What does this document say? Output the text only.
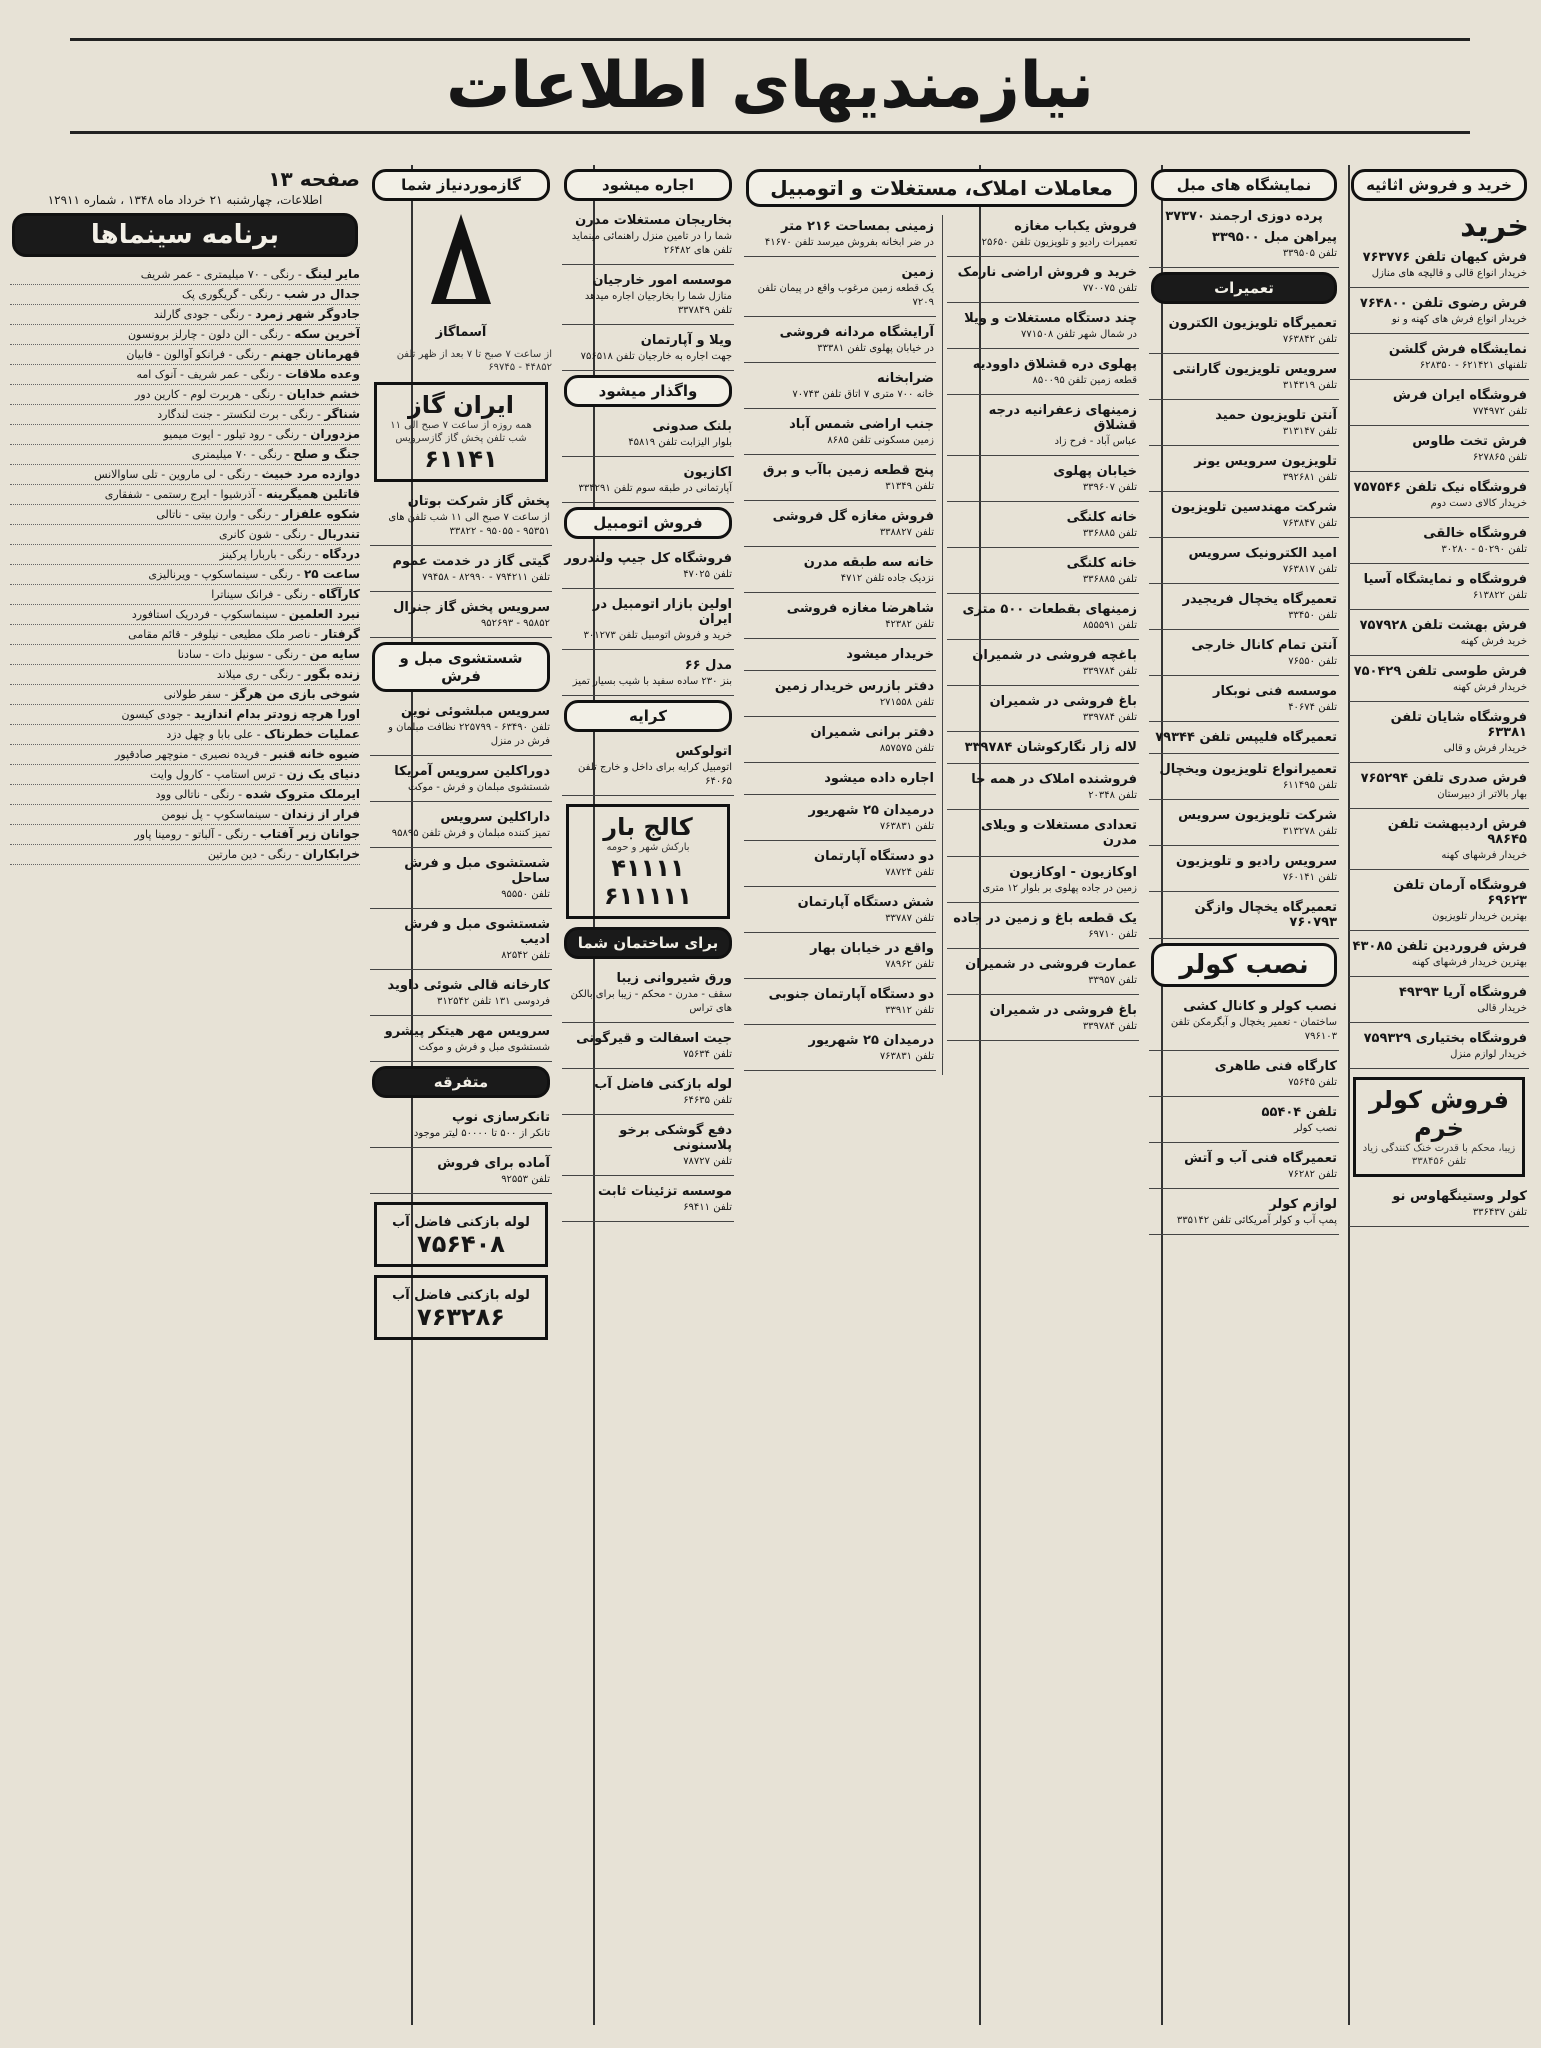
نیازمندیهای اطلاعات
خرید و فروش اثاثیه
خرید
فرش کیهان تلفن ۷۶۳۷۷۶
خریدار انواع قالی و قالیچه های منازل
فرش رضوی تلفن ۷۶۴۸۰۰
خریدار انواع فرش های کهنه و نو
نمایشگاه فرش گلشن
تلفنهای ۶۲۱۴۲۱ - ۶۲۸۳۵۰
فروشگاه ایران فرش
تلفن ۷۷۴۹۷۲
فرش تخت طاوس
تلفن ۶۲۷۸۶۵
فروشگاه نیک تلفن ۷۵۷۵۴۶
خریدار کالای دست دوم
فروشگاه خالقی
تلفن ۵۰۲۹۰ - ۳۰۲۸۰
فروشگاه و نمایشگاه آسیا
تلفن ۶۱۳۸۲۲
فرش بهشت تلفن ۷۵۷۹۲۸
خرید فرش کهنه
فرش طوسی تلفن ۷۵۰۴۲۹
خریدار فرش کهنه
فروشگاه شایان تلفن ۶۳۳۸۱
خریدار فرش و قالی
فرش صدری تلفن ۷۶۵۲۹۴
بهار بالاتر از دبیرستان
فرش اردیبهشت تلفن ۹۸۶۴۵
خریدار فرشهای کهنه
فروشگاه آرمان تلفن ۶۹۶۲۳
بهترین خریدار تلویزیون
فرش فروردین تلفن ۴۳۰۸۵
بهترین خریدار فرشهای کهنه
فروشگاه آریا ۴۹۳۹۳
خریدار قالی
فروشگاه بختیاری ۷۵۹۳۲۹
خریدار لوازم منزل
فروش کولر خرم
زیبا، محکم با قدرت خنک کنندگی زیاد تلفن ۳۳۸۴۵۶
کولر وستینگهاوس نو
تلفن ۳۳۶۴۳۷
نمایشگاه های مبل
پرده دوزی ارجمند ۳۷۳۷۰
پیراهن مبل ۳۳۹۵۰۰
تلفن ۳۳۹۵۰۵
تعمیرات
تعمیرگاه تلویزیون الکترون
تلفن ۷۶۳۸۴۲
سرویس تلویزیون گارانتی
تلفن ۳۱۴۳۱۹
آنتن تلویزیون حمید
تلفن ۳۱۳۱۴۷
تلویزیون سرویس یونر
تلفن ۳۹۲۶۸۱
شرکت مهندسین تلویزیون
تلفن ۷۶۳۸۴۷
امید الکترونیک سرویس
تلفن ۷۶۳۸۱۷
تعمیرگاه یخچال فریجیدر
تلفن ۳۳۴۵۰
آنتن تمام کانال خارجی
تلفن ۷۶۵۵۰
موسسه فنی نوبکار
تلفن ۴۰۶۷۴
تعمیرگاه فلیپس تلفن ۷۹۳۴۴
تعمیرانواع تلویزیون ویخچال
تلفن ۶۱۱۴۹۵
شرکت تلویزیون سرویس
تلفن ۳۱۳۲۷۸
سرویس رادیو و تلویزیون
تلفن ۷۶۰۱۴۱
تعمیرگاه یخچال وازگن ۷۶۰۷۹۳
نصب کولر
نصب کولر و کانال کشی
ساختمان - تعمیر یخچال و آبگرمکن تلفن ۷۹۶۱۰۳
کارگاه فنی طاهری
تلفن ۷۵۶۴۵
تلفن ۵۵۴۰۴
نصب کولر
تعمیرگاه فنی آب و آتش
تلفن ۷۶۲۸۲
لوازم کولر
پمپ آب و کولر آمریکائی تلفن ۳۳۵۱۴۲
معاملات املاک، مستغلات و اتومبیل
فروش یکباب مغازه
تعمیرات رادیو و تلویزیون تلفن ۲۵۶۵۰
خرید و فروش اراضی نارمک
تلفن ۷۷۰۰۷۵
چند دستگاه مستغلات و ویلا
در شمال شهر تلفن ۷۷۱۵۰۸
پهلوی دره قشلاق داوودیه
قطعه زمین تلفن ۸۵۰۰۹۵
زمینهای زعفرانیه درجه قشلاق
عباس آباد - فرح زاد
خیابان پهلوی
تلفن ۳۳۹۶۰۷
خانه کلنگی
تلفن ۳۳۶۸۸۵
خانه کلنگی
تلفن ۳۳۶۸۸۵
زمینهای بقطعات ۵۰۰ متری
تلفن ۸۵۵۵۹۱
باغچه فروشی در شمیران
تلفن ۳۳۹۷۸۴
باغ فروشی در شمیران
تلفن ۳۳۹۷۸۴
لاله زار نگارکوشان ۳۳۹۷۸۴
فروشنده املاک در همه جا
تلفن ۲۰۳۴۸
تعدادی مستغلات و ویلای مدرن
اوکازیون - اوکازیون
زمین در جاده پهلوی بر بلوار ۱۲ متری
یک قطعه باغ و زمین در جاده
تلفن ۶۹۷۱۰
عمارت فروشی در شمیران
تلفن ۳۳۹۵۷
باغ فروشی در شمیران
تلفن ۳۳۹۷۸۴
زمینی بمساحت ۲۱۶ متر
در ضر ابخانه بفروش میرسد تلفن ۴۱۶۷۰
زمین
یک قطعه زمین مرغوب واقع در پیمان تلفن ۷۲۰۹
آرایشگاه مردانه فروشی
در خیابان پهلوی تلفن ۳۳۳۸۱
ضرابخانه
خانه ۷۰۰ متری ۷ اتاق تلفن ۷۰۷۴۳
جنب اراضی شمس آباد
زمین مسکونی تلفن ۸۶۸۵
پنج قطعه زمین باآب و برق
تلفن ۳۱۳۴۹
فروش مغازه گل فروشی
تلفن ۳۳۸۸۲۷
خانه سه طبقه مدرن
نزدیک جاده تلفن ۴۷۱۲
شاهرضا مغازه فروشی
تلفن ۴۲۳۸۲
خریدار میشود
دفتر بازرس خریدار زمین
تلفن ۲۷۱۵۵۸
دفتر برانی شمیران
تلفن ۸۵۷۵۷۵
اجاره داده میشود
درمیدان ۲۵ شهریور
تلفن ۷۶۳۸۳۱
دو دستگاه آپارتمان
تلفن ۷۸۷۲۴
شش دستگاه آپارتمان
تلفن ۳۳۷۸۷
واقع در خیابان بهار
تلفن ۷۸۹۶۲
دو دستگاه آپارتمان جنوبی
تلفن ۳۳۹۱۲
درمیدان ۲۵ شهریور
تلفن ۷۶۳۸۳۱
اجاره میشود
بخاریجان مستغلات مدرن
شما را در تامین منزل راهنمائی مینماید تلفن های ۲۶۴۸۲
موسسه امور خارجیان
منازل شما را بخارجیان اجاره میدهد تلفن ۳۳۷۸۴۹
ویلا و آپارتمان
جهت اجاره به خارجیان تلفن ۷۵۶۵۱۸
واگذار میشود
بلنک صدونی
بلوار الیزابت تلفن ۴۵۸۱۹
اکازیون
آپارتمانی در طبقه سوم تلفن ۳۳۴۲۹۱
فروش اتومبیل
فروشگاه کل جیپ ولندرور
تلفن ۴۷۰۲۵
اولین بازار اتومبیل در ایران
خرید و فروش اتومبیل تلفن ۳۰۱۲۷۳
مدل ۶۶
بنز ۲۳۰ ساده سفید با شیب بسیار تمیز
کرایه
اتولوکس
اتومبیل کرایه برای داخل و خارج تلفن ۶۴۰۶۵
کالج بار
بارکش شهر و حومه
۴۱۱۱۱
۶۱۱۱۱۱
برای ساختمان شما
ورق شیروانی زیبا
سقف - مدرن - محکم - زیبا برای بالکن های تراس
جیت اسفالت و قیرگونی
تلفن ۷۵۶۳۴
لوله بازکنی فاضل آب
تلفن ۶۴۶۳۵
دفع گوشکی برخو پلاسنونی
تلفن ۷۸۷۲۷
موسسه تزئینات ثابت
تلفن ۶۹۴۱۱
گازموردنیاز شما
آسماگاز
از ساعت ۷ صبح تا ۷ بعد از ظهر تلفن ۴۴۸۵۲ - ۶۹۷۴۵
ایران گاز
همه روزه از ساعت ۷ صبح الی ۱۱ شب تلفن پخش گاز گازسرویس
۶۱۱۴۱
پخش گاز شرکت بوتان
از ساعت ۷ صبح الی ۱۱ شب تلفن های ۹۵۳۵۱ - ۹۵۰۵۵ - ۳۳۸۲۲
گیتی گاز در خدمت عموم
تلفن ۷۹۴۲۱۱ - ۸۲۹۹۰ - ۷۹۴۵۸
سرویس پخش گاز جنرال
۹۵۸۵۲ - ۹۵۲۶۹۳
شستشوی مبل و فرش
سرویس مبلشوئی نوین
تلفن ۶۳۴۹۰ - ۲۲۵۷۹۹ نظافت مبلمان و فرش در منزل
دوراکلین سرویس آمریکا
شستشوی مبلمان و فرش - موکت
داراکلین سرویس
تمیز کننده مبلمان و فرش تلفن ۹۵۸۹۵
شستشوی مبل و فرش ساحل
تلفن ۹۵۵۵۰
شستشوی مبل و فرش ادیب
تلفن ۸۲۵۴۲
کارخانه قالی شوئی داوید
فردوسی ۱۳۱ تلفن ۳۱۲۵۴۲
سرویس مهر هیتکر پیشرو
شستشوی مبل و فرش و موکت
متفرقه
تانکرسازی نوپ
تانکر از ۵۰۰ تا ۵۰۰۰۰ لیتر موجود
آماده برای فروش
تلفن ۹۲۵۵۳
لوله بازکنی فاضل آب
۷۵۶۴۰۸
لوله بازکنی فاضل آب
۷۶۳۲۸۶
صفحه ۱۳
اطلاعات، چهارشنبه ۲۱ خرداد ماه ۱۳۴۸ ، شماره ۱۲۹۱۱
برنامه سینماها
مایر لینگ - رنگی - ۷۰ میلیمتری - عمر شریف
جدال در شب - رنگی - گریگوری پک
جادوگر شهر زمرد - رنگی - جودی گارلند
آخرین سکه - رنگی - الن دلون - چارلز برونسون
قهرمانان جهنم - رنگی - فرانکو آوالون - فابیان
وعده ملاقات - رنگی - عمر شریف - آنوک امه
خشم خدایان - رنگی - هربرت لوم - کارین دور
شناگر - رنگی - برت لنکستر - جنت لندگارد
مزدوران - رنگی - رود تیلور - ایوت میمیو
جنگ و صلح - رنگی - ۷۰ میلیمتری
دوازده مرد خبیث - رنگی - لی ماروین - تلی ساوالانس
قاتلین همیگرینه - آذرشیوا - ایرج رستمی - شفقاری
شکوه علفزار - رنگی - وارن بیتی - ناتالی
تندربال - رنگی - شون کانری
دردگاه - رنگی - باربارا پرکینز
ساعت ۲۵ - رنگی - سینماسکوپ - ویرنالیزی
کارآگاه - رنگی - فرانک سیناترا
نبرد العلمین - سینماسکوپ - فردریک استافورد
گرفتار - ناصر ملک مطیعی - نیلوفر - قائم مقامی
سایه من - رنگی - سونیل دات - سادنا
زنده بگور - رنگی - ری میلاند
شوخی بازی من هرگز - سفر طولانی
اورا هرچه زودتر بدام اندازید - جودی کیسون
عملیات خطرناک - علی بابا و چهل دزد
ضیوه خانه قنبر - فریده نصیری - منوچهر صادقپور
دنیای یک زن - ترس استامپ - کارول وایت
ایرملک متروک شده - رنگی - ناتالی وود
فرار از زندان - سینماسکوپ - پل نیومن
جوانان زیر آفتاب - رنگی - آلباتو - رومینا پاور
خرابکاران - رنگی - دین مارتین
